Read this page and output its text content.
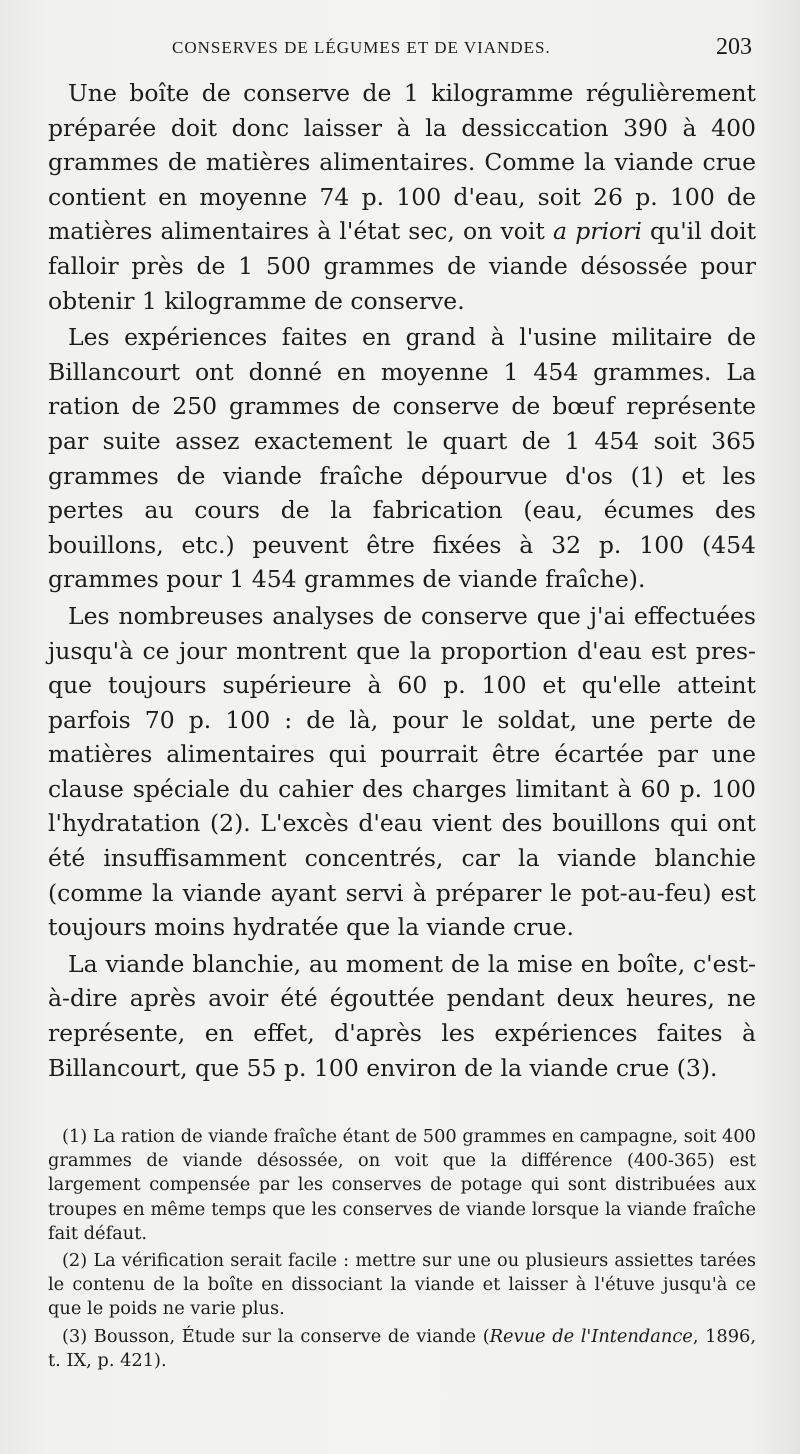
CONSERVES DE LÉGUMES ET DE VIANDES.	203

Une boîte de conserve de 1 kilogramme régulièrement préparée doit donc laisser à la dessiccation 390 à 400 grammes de matières alimentaires. Comme la viande crue contient en moyenne 74 p. 100 d'eau, soit 26 p. 100 de matières alimentaires à l'état sec, on voit a priori qu'il doit falloir près de 1 500 grammes de viande désossée pour obtenir 1 kilogramme de conserve.

Les expériences faites en grand à l'usine militaire de Billancourt ont donné en moyenne 1 454 grammes. La ration de 250 grammes de conserve de bœuf représente par suite assez exactement le quart de 1 454 soit 365 grammes de viande fraîche dépourvue d'os (1) et les pertes au cours de la fabrication (eau, écumes des bouillons, etc.) peuvent être fixées à 32 p. 100 (454 grammes pour 1 454 grammes de viande fraîche).

Les nombreuses analyses de conserve que j'ai effectuées jusqu'à ce jour montrent que la proportion d'eau est presque toujours supérieure à 60 p. 100 et qu'elle atteint parfois 70 p. 100 : de là, pour le soldat, une perte de matières alimentaires qui pourrait être écartée par une clause spéciale du cahier des charges limitant à 60 p. 100 l'hydratation (2). L'excès d'eau vient des bouillons qui ont été insuffisamment concentrés, car la viande blanchie (comme la viande ayant servi à préparer le pot-au-feu) est toujours moins hydratée que la viande crue.

La viande blanchie, au moment de la mise en boîte, c'est-à-dire après avoir été égouttée pendant deux heures, ne représente, en effet, d'après les expériences faites à Billancourt, que 55 p. 100 environ de la viande crue (3).

(1) La ration de viande fraîche étant de 500 grammes en campagne, soit 400 grammes de viande désossée, on voit que la différence (400-365) est largement compensée par les conserves de potage qui sont distribuées aux troupes en même temps que les conserves de viande lorsque la viande fraîche fait défaut.

(2) La vérification serait facile : mettre sur une ou plusieurs assiettes tarées le contenu de la boîte en dissociant la viande et laisser à l'étuve jusqu'à ce que le poids ne varie plus.

(3) Bousson, Étude sur la conserve de viande (Revue de l'Intendance, 1896, t. IX, p. 421).
